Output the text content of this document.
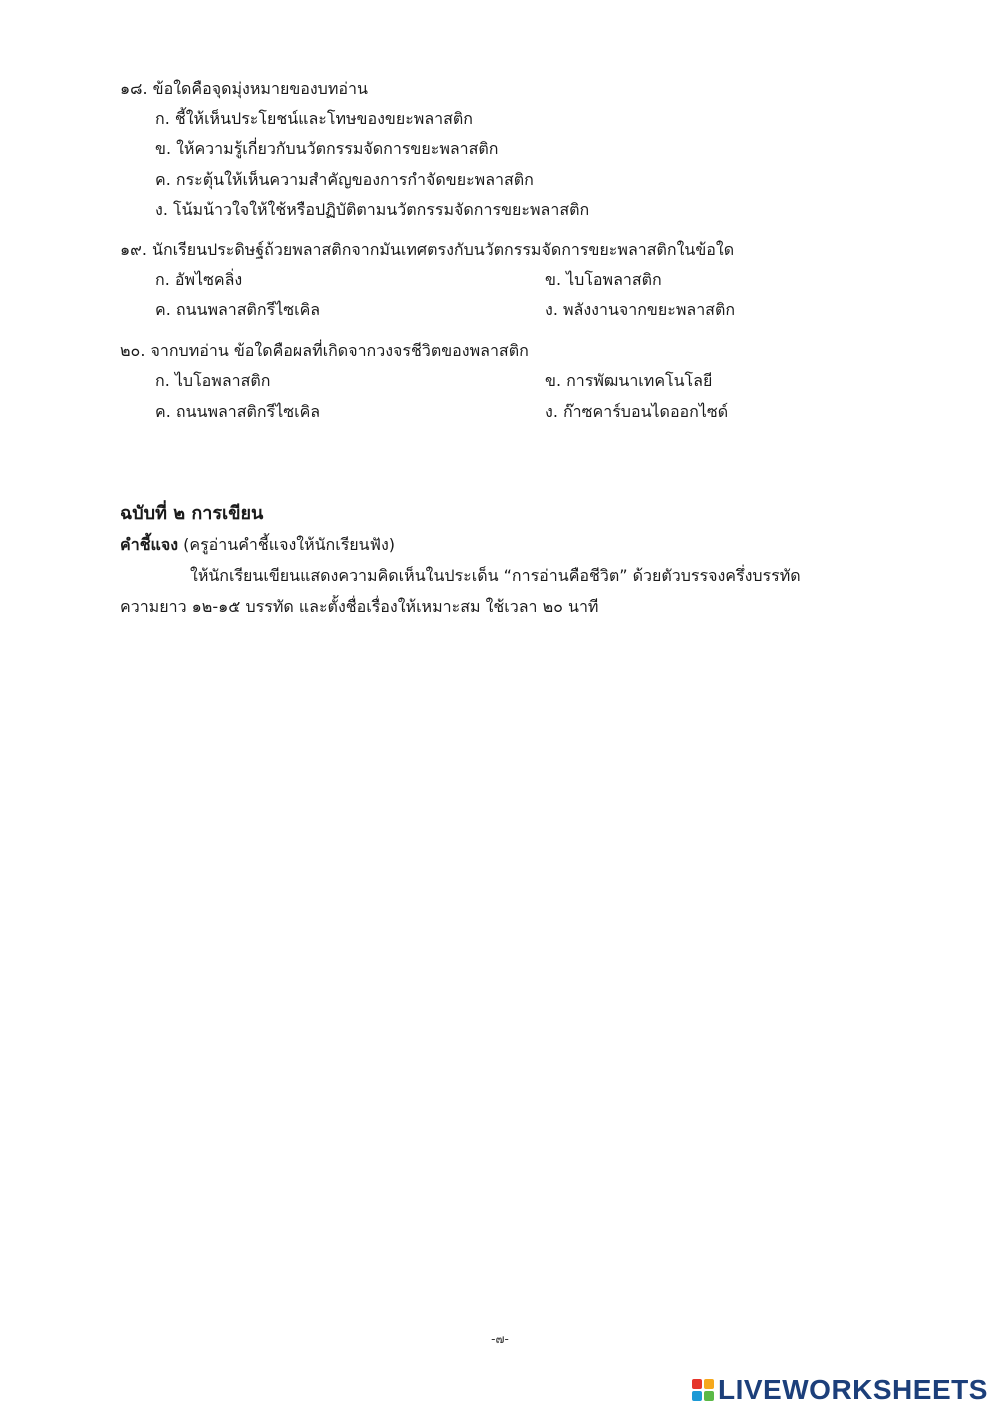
๑๘. ข้อใดคือจุดมุ่งหมายของบทอ่าน
ก. ชี้ให้เห็นประโยชน์และโทษของขยะพลาสติก
ข. ให้ความรู้เกี่ยวกับนวัตกรรมจัดการขยะพลาสติก
ค. กระตุ้นให้เห็นความสำคัญของการกำจัดขยะพลาสติก
ง. โน้มน้าวใจให้ใช้หรือปฏิบัติตามนวัตกรรมจัดการขยะพลาสติก
๑๙. นักเรียนประดิษฐ์ถ้วยพลาสติกจากมันเทศตรงกับนวัตกรรมจัดการขยะพลาสติกในข้อใด
ก. อัพไซคลิ่ง	ข. ไบโอพลาสติก
ค. ถนนพลาสติกรีไซเคิล	ง. พลังงานจากขยะพลาสติก
๒๐. จากบทอ่าน ข้อใดคือผลที่เกิดจากวงจรชีวิตของพลาสติก
ก. ไบโอพลาสติก	ข. การพัฒนาเทคโนโลยี
ค. ถนนพลาสติกรีไซเคิล	ง. ก๊าซคาร์บอนไดออกไซด์
ฉบับที่ ๒ การเขียน
คำชี้แจง (ครูอ่านคำชี้แจงให้นักเรียนฟัง)
ให้นักเรียนเขียนแสดงความคิดเห็นในประเด็น “การอ่านคือชีวิต” ด้วยตัวบรรจงครึ่งบรรทัด
ความยาว ๑๒-๑๕ บรรทัด และตั้งชื่อเรื่องให้เหมาะสม ใช้เวลา ๒๐ นาที
-๗-
LIVEWORKSHEETS
